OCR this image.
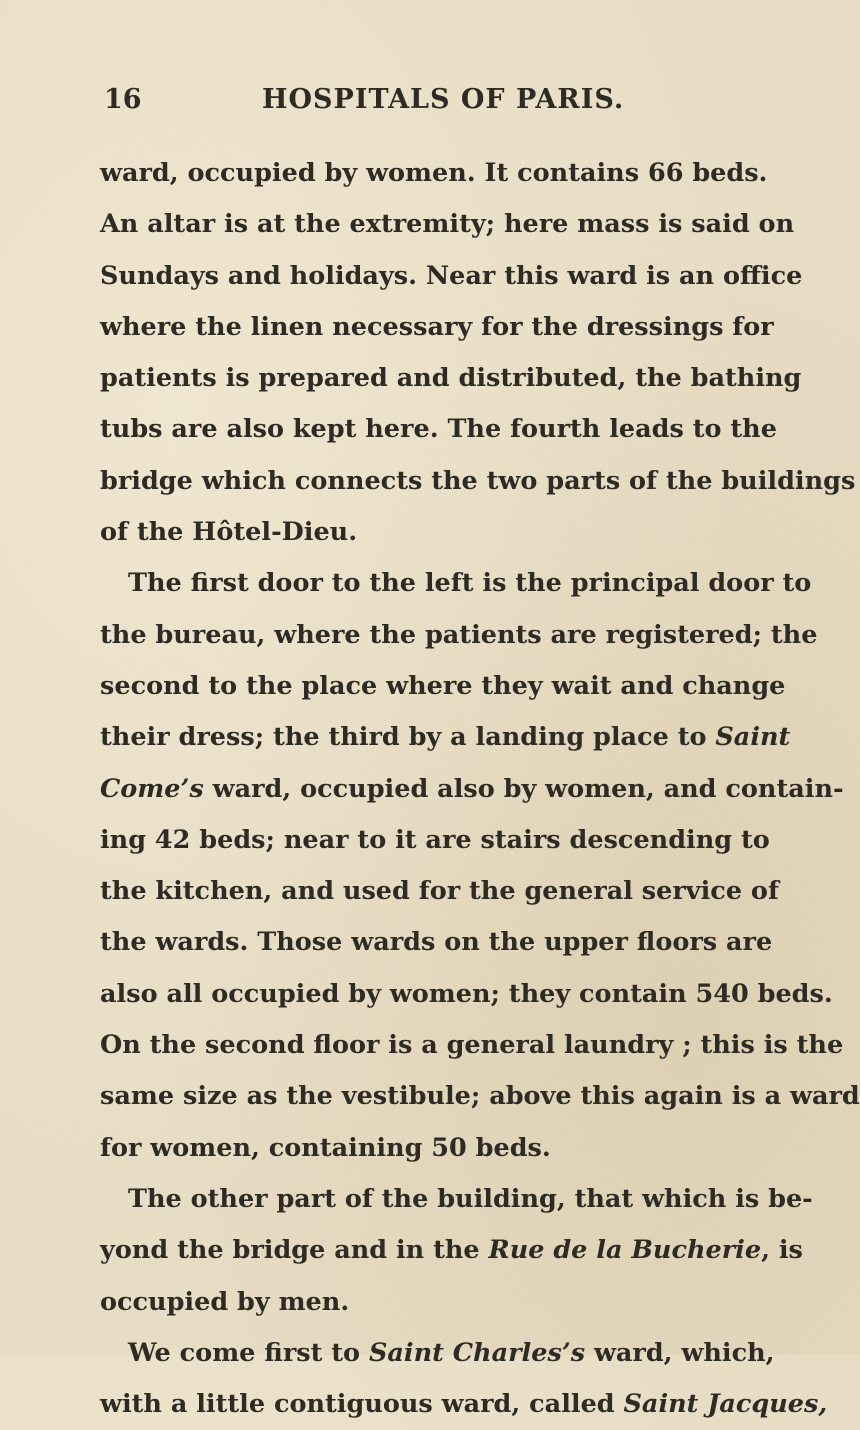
16	HOSPITALS OF PARIS.
ward, occupied by women. It contains 66 beds.
An altar is at the extremity; here mass is said on
Sundays and holidays. Near this ward is an office
where the linen necessary for the dressings for
patients is prepared and distributed, the bathing
tubs are also kept here. The fourth leads to the
bridge which connects the two parts of the buildings
of the Hôtel-Dieu.
The first door to the left is the principal door to
the bureau, where the patients are registered; the
second to the place where they wait and change
their dress; the third by a landing place to Saint
Come’s ward, occupied also by women, and contain-
ing 42 beds; near to it are stairs descending to
the kitchen, and used for the general service of
the wards. Those wards on the upper floors are
also all occupied by women; they contain 540 beds.
On the second floor is a general laundry ; this is the
same size as the vestibule; above this again is a ward
for women, containing 50 beds.
The other part of the building, that which is be-
yond the bridge and in the Rue de la Bucherie, is
occupied by men.
We come first to Saint Charles’s ward, which,
with a little contiguous ward, called Saint Jacques,
